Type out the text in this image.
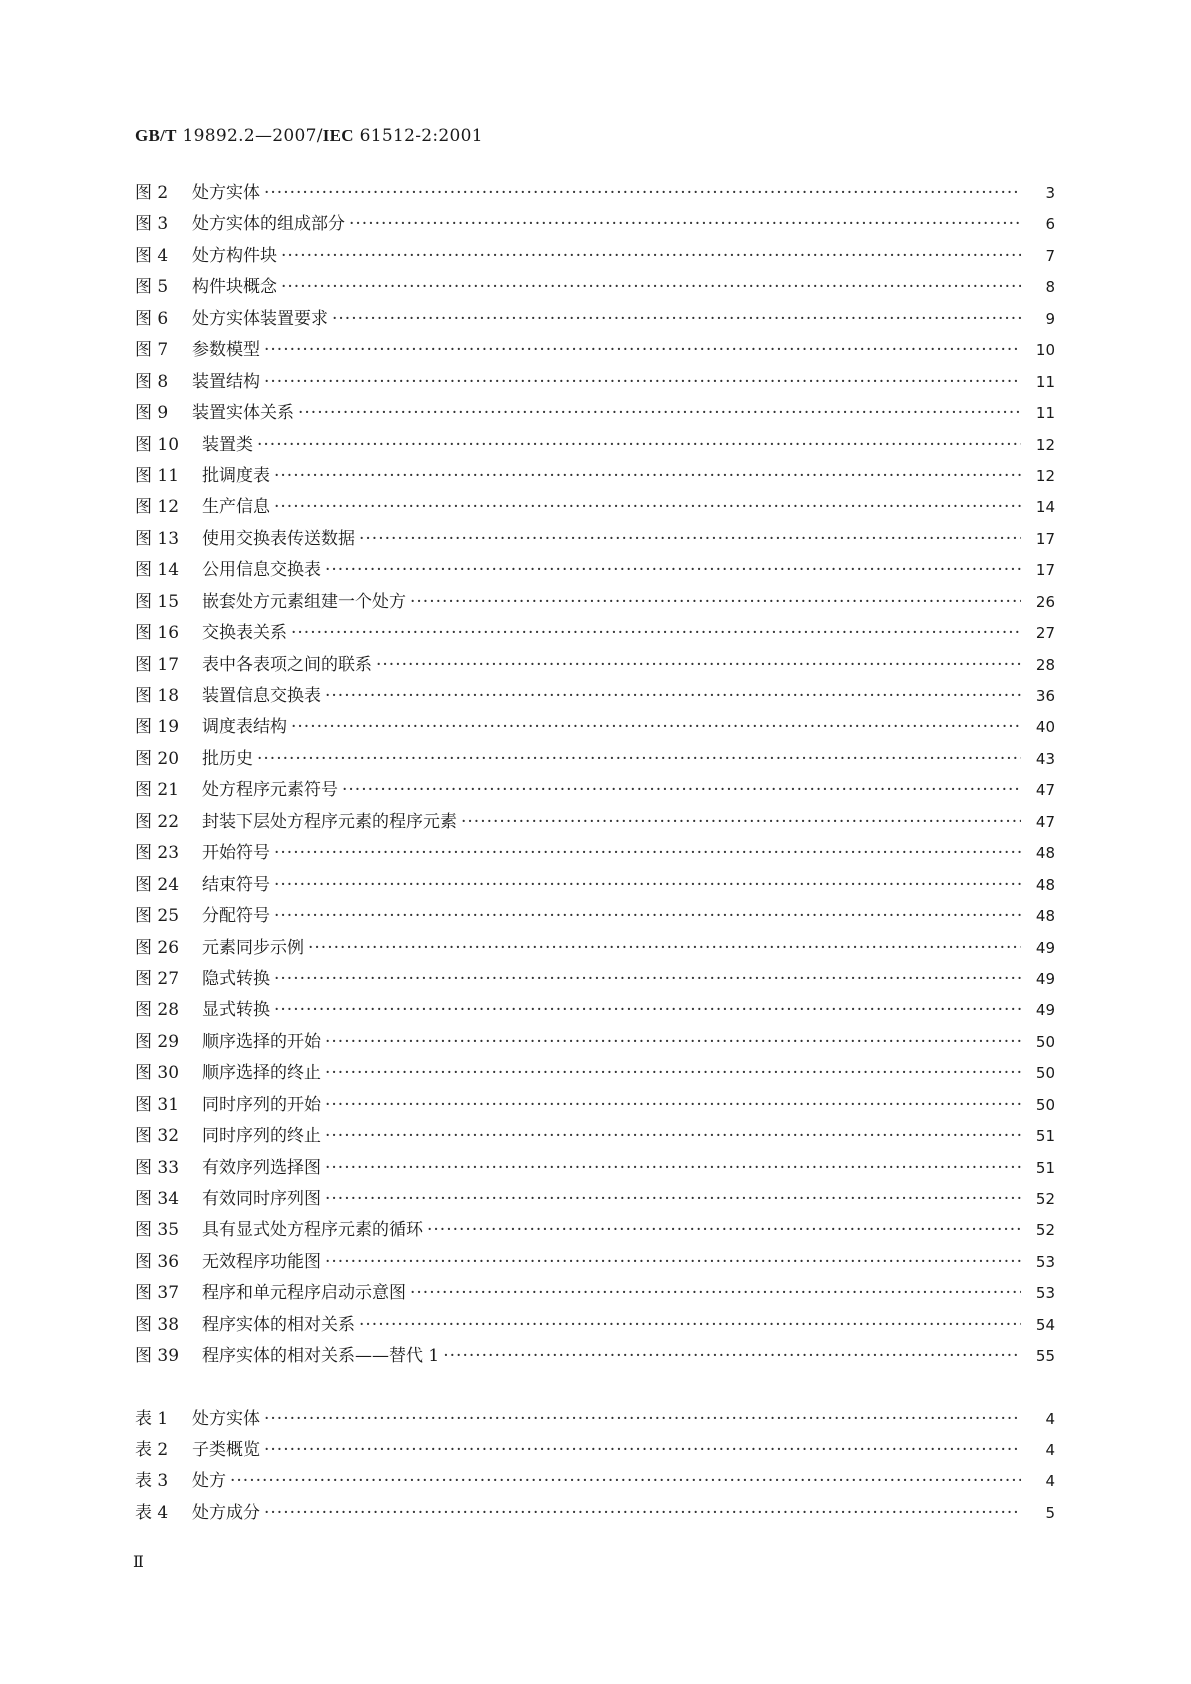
GB/T 19892.2—2007/IEC 61512-2:2001
图 2	处方实体 ·····	3
图 3	处方实体的组成部分 ·····	6
图 4	处方构件块 ·····	7
图 5	构件块概念 ·····	8
图 6	处方实体装置要求 ·····	9
图 7	参数模型 ·····	10
图 8	装置结构 ·····	11
图 9	装置实体关系 ·····	11
图 10	装置类 ·····	12
图 11	批调度表 ·····	12
图 12	生产信息 ·····	14
图 13	使用交换表传送数据 ·····	17
图 14	公用信息交换表 ·····	17
图 15	嵌套处方元素组建一个处方 ·····	26
图 16	交换表关系 ·····	27
图 17	表中各表项之间的联系 ·····	28
图 18	装置信息交换表 ·····	36
图 19	调度表结构 ·····	40
图 20	批历史 ·····	43
图 21	处方程序元素符号 ·····	47
图 22	封装下层处方程序元素的程序元素 ·····	47
图 23	开始符号 ·····	48
图 24	结束符号 ·····	48
图 25	分配符号 ·····	48
图 26	元素同步示例 ·····	49
图 27	隐式转换 ·····	49
图 28	显式转换 ·····	49
图 29	顺序选择的开始 ·····	50
图 30	顺序选择的终止 ·····	50
图 31	同时序列的开始 ·····	50
图 32	同时序列的终止 ·····	51
图 33	有效序列选择图 ·····	51
图 34	有效同时序列图 ·····	52
图 35	具有显式处方程序元素的循环 ·····	52
图 36	无效程序功能图 ·····	53
图 37	程序和单元程序启动示意图 ·····	53
图 38	程序实体的相对关系 ·····	54
图 39	程序实体的相对关系——替代 1 ·····	55
表 1	处方实体 ·····	4
表 2	子类概览 ·····	4
表 3	处方 ·····	4
表 4	处方成分 ·····	5
Ⅱ
